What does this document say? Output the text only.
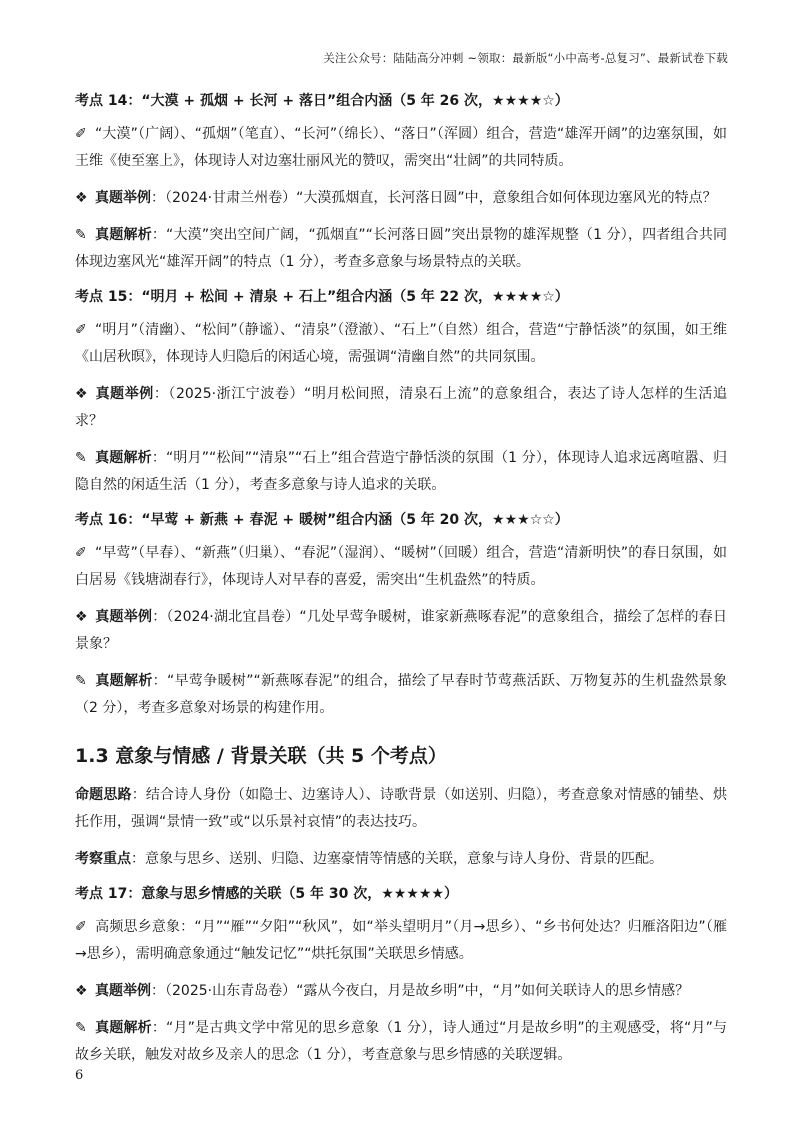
关注公众号：陆陆高分冲刺 ~领取：最新版“小中高考-总复习”、最新试卷下载
考点 14：“大漠 + 孤烟 + 长河 + 落日”组合内涵（5 年 26 次，★★★★☆）

✐ “大漠”（广阔）、“孤烟”（笔直）、“长河”（绵长）、“落日”（浑圆）组合，营造“雄浑开阔”的边塞氛围，如王维《使至塞上》，体现诗人对边塞壮丽风光的赞叹，需突出“壮阔”的共同特质。

❖ 真题举例：（2024·甘肃兰州卷）“大漠孤烟直，长河落日圆”中，意象组合如何体现边塞风光的特点？

✎ 真题解析：“大漠”突出空间广阔，“孤烟直”“长河落日圆”突出景物的雄浑规整（1 分），四者组合共同体现边塞风光“雄浑开阔”的特点（1 分），考查多意象与场景特点的关联。

考点 15：“明月 + 松间 + 清泉 + 石上”组合内涵（5 年 22 次，★★★★☆）

✐ “明月”（清幽）、“松间”（静谧）、“清泉”（澄澈）、“石上”（自然）组合，营造“宁静恬淡”的氛围，如王维《山居秋暝》，体现诗人归隐后的闲适心境，需强调“清幽自然”的共同氛围。

❖ 真题举例：（2025·浙江宁波卷）“明月松间照，清泉石上流”的意象组合，表达了诗人怎样的生活追求？

✎ 真题解析：“明月”“松间”“清泉”“石上”组合营造宁静恬淡的氛围（1 分），体现诗人追求远离喧嚣、归隐自然的闲适生活（1 分），考查多意象与诗人追求的关联。

考点 16：“早莺 + 新燕 + 春泥 + 暖树”组合内涵（5 年 20 次，★★★☆☆）

✐ “早莺”（早春）、“新燕”（归巢）、“春泥”（湿润）、“暖树”（回暖）组合，营造“清新明快”的春日氛围，如白居易《钱塘湖春行》，体现诗人对早春的喜爱，需突出“生机盎然”的特质。

❖ 真题举例：（2024·湖北宜昌卷）“几处早莺争暖树，谁家新燕啄春泥”的意象组合，描绘了怎样的春日景象？

✎ 真题解析：“早莺争暖树”“新燕啄春泥”的组合，描绘了早春时节莺燕活跃、万物复苏的生机盎然景象（2 分），考查多意象对场景的构建作用。

1.3 意象与情感 / 背景关联（共 5 个考点）

命题思路：结合诗人身份（如隐士、边塞诗人）、诗歌背景（如送别、归隐），考查意象对情感的铺垫、烘托作用，强调“景情一致”或“以乐景衬哀情”的表达技巧。

考察重点：意象与思乡、送别、归隐、边塞豪情等情感的关联，意象与诗人身份、背景的匹配。

考点 17：意象与思乡情感的关联（5 年 30 次，★★★★★）

✐ 高频思乡意象：“月”“雁”“夕阳”“秋风”，如“举头望明月”（月→思乡）、“乡书何处达？归雁洛阳边”（雁→思乡），需明确意象通过“触发记忆”“烘托氛围”关联思乡情感。

❖ 真题举例：（2025·山东青岛卷）“露从今夜白，月是故乡明”中，“月”如何关联诗人的思乡情感？

✎ 真题解析：“月”是古典文学中常见的思乡意象（1 分），诗人通过“月是故乡明”的主观感受，将“月”与故乡关联，触发对故乡及亲人的思念（1 分），考查意象与思乡情感的关联逻辑。

6
